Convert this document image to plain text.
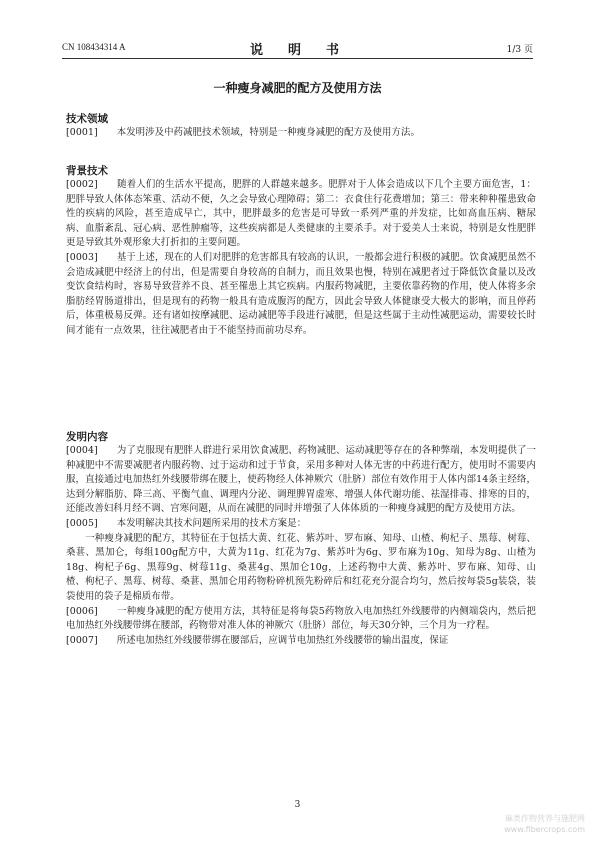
CN 108434314 A	说　明　书	1/3 页
一种瘦身减肥的配方及使用方法

技术领域

[0001]　　本发明涉及中药减肥技术领域，特别是一种瘦身减肥的配方及使用方法。

背景技术

[0002]　　随着人们的生活水平提高，肥胖的人群越来越多。肥胖对于人体会造成以下几个主要方面危害，1：肥胖导致人体体态笨重、活动不便，久之会导致心理障碍；第二：衣食住行花费增加；第三：带来种种罹患致命性的疾病的风险，甚至造成早亡，其中，肥胖最多的危害是可导致一系列严重的并发症，比如高血压病、糖尿病、血脂紊乱、冠心病、恶性肿瘤等，这些疾病都是人类健康的主要杀手。对于爱美人士来说，特别是女性肥胖更是导致其外观形象大打折扣的主要问题。

[0003]　　基于上述，现在的人们对肥胖的危害都具有较高的认识，一般都会进行积极的减肥。饮食减肥虽然不会造成减肥中经济上的付出，但是需要自身较高的自制力，而且效果也慢，特别在减肥者过于降低饮食量以及改变饮食结构时，容易导致营养不良、甚至罹患上其它疾病。内服药物减肥，主要依靠药物的作用，使人体将多余脂肪经胃肠道排出，但是现有的药物一般具有造成腹泻的配方，因此会导致人体健康受大极大的影响，而且停药后，体重极易反弹。还有诸如按摩减肥、运动减肥等手段进行减肥，但是这些属于主动性减肥运动，需要较长时间才能有一点效果，往往减肥者由于不能坚持而前功尽弃。

发明内容

[0004]　　为了克服现有肥胖人群进行采用饮食减肥、药物减肥、运动减肥等存在的各种弊端，本发明提供了一种减肥中不需要减肥者内服药物、过于运动和过于节食，采用多种对人体无害的中药进行配方，使用时不需要内服，直接通过电加热红外线腰带绑在腰上，使药物经人体神厥穴（肚脐）部位有效作用于人体内部14条主经络，达到分解脂肪、降三高、平衡气血、调理内分泌、调理脾胃虚寒、增强人体代谢功能、祛湿排毒、排寒的目的，还能改善妇科月经不调、宫寒问题，从而在减肥的同时并增强了人体体质的一种瘦身减肥的配方及使用方法。

[0005]　　本发明解决其技术问题所采用的技术方案是：

　　一种瘦身减肥的配方，其特征在于包括大黄、红花、紫苏叶、罗布麻、知母、山楂、枸杞子、黑莓、树莓、桑葚、黑加仑，每组100g配方中，大黄为11g、红花为7g、紫苏叶为6g、罗布麻为10g、知母为8g、山楂为18g、枸杞子6g、黑莓9g、树莓11g、桑葚4g、黑加仑10g，上述药物中大黄、紫苏叶、罗布麻、知母、山楂、枸杞子、黑莓、树莓、桑葚、黑加仑用药物粉碎机预先粉碎后和红花充分混合均匀，然后按每袋5g装袋，装袋使用的袋子是棉质布带。

[0006]　　一种瘦身减肥的配方使用方法，其特征是将每袋5药物放入电加热红外线腰带的内侧端袋内，然后把电加热红外线腰带绑在腰部，药物带对准人体的神厥穴（肚脐）部位，每天30分钟，三个月为一疗程。

[0007]　　所述电加热红外线腰带绑在腰部后，应调节电加热红外线腰带的输出温度，保证

3
麻类作物营养与施肥网
www.fibercrops.com
